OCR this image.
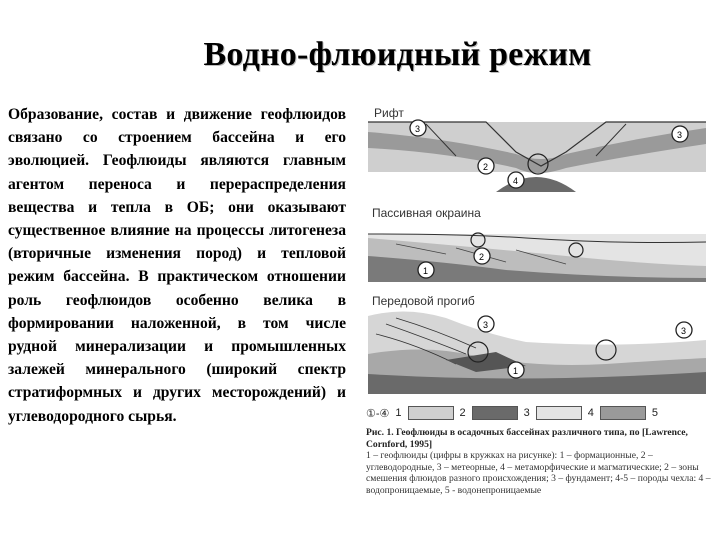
Водно-флюидный режим
Образование, состав и движение геофлюидов связано со строением бассейна и его эволюцией. Геофлюиды являются главным агентом переноса и перераспределения вещества и тепла в ОБ; они оказывают существенное влияние на процессы литогенеза (вторичные изменения пород) и тепловой режим бассейна. В практическом отношении роль геофлюидов особенно велика в формировании наложенной, в том числе рудной минерализации и промышленных залежей минерального (широкий спектр стратиформных и других месторождений) и углеводородного сырья.
Рифт
3
3
2
4
Пассивная окраина
1
2
Передовой прогиб
3
1
3
①-④ 1	2	3	4	5
Рис. 1. Геофлюиды в осадочных бассейнах различного типа, по [Lawrence, Cornford, 1995]
1 – геофлюиды (цифры в кружках на рисунке): 1 – формационные, 2 – углеводородные, 3 – метеорные, 4 – метаморфические и магматические; 2 – зоны смешения флюидов разного происхождения; 3 – фундамент; 4-5 – породы чехла: 4 – водопроницаемые, 5 - водонепроницаемые
